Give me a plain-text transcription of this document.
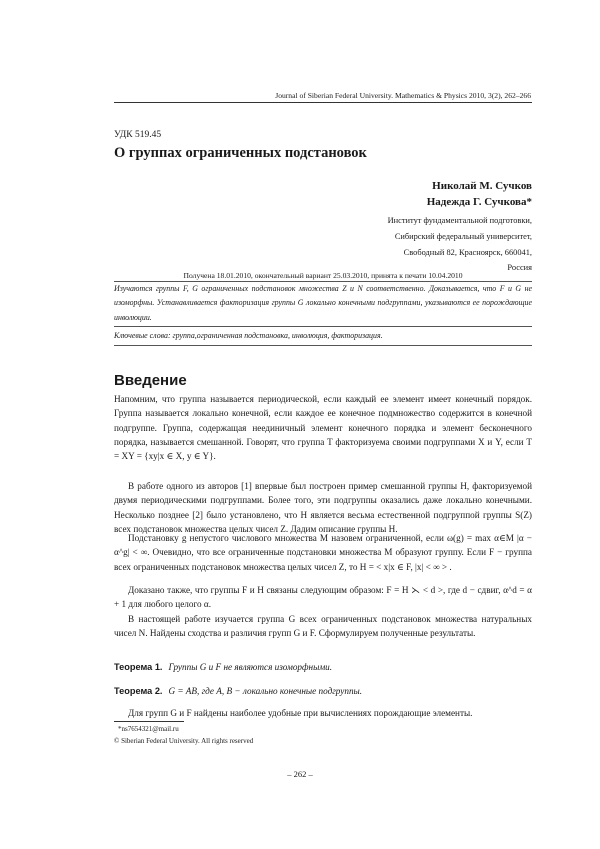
Journal of Siberian Federal University. Mathematics & Physics 2010, 3(2), 262–266
УДК 519.45
О группах ограниченных подстановок
Николай М. Сучков
Надежда Г. Сучкова*
Институт фундаментальной подготовки,
Сибирский федеральный университет,
Свободный 82, Красноярск, 660041,
Россия
Получена 18.01.2010, окончательный вариант 25.03.2010, принята к печати 10.04.2010
Изучаются группы F, G ограниченных подстановок множества Z и N соответственно. Доказывается, что F и G не изоморфны. Устанавливается факторизация группы G локально конечными подгруппами, указываются ее порождающие инволюции.
Ключевые слова: группа,ограниченная подстановка, инволюция, факторизация.
Введение
Напомним, что группа называется периодической, если каждый ее элемент имеет конечный порядок. Группа называется локально конечной, если каждое ее конечное подмножество содержится в конечной подгруппе. Группа, содержащая неединичный элемент конечного порядка и элемент бесконечного порядка, называется смешанной. Говорят, что группа T факторизуема своими подгруппами X и Y, если T = XY = {xy|x ∈ X, y ∈ Y}.
В работе одного из авторов [1] впервые был построен пример смешанной группы H, факторизуемой двумя периодическими подгруппами. Более того, эти подгруппы оказались даже локально конечными. Несколько позднее [2] было установлено, что H является весьма естественной подгруппой группы S(Z) всех подстановок множества целых чисел Z. Дадим описание группы H.
Подстановку g непустого числового множества M назовем ограниченной, если ω(g) = max α∈M |α − α^g| < ∞. Очевидно, что все ограниченные подстановки множества M образуют группу. Если F − группа всех ограниченных подстановок множества целых чисел Z, то H = < x|x ∈ F, |x| < ∞ > .
Доказано также, что группы F и H связаны следующим образом: F = H ⋋ < d >, где d − сдвиг, α^d = α + 1 для любого целого α.
В настоящей работе изучается группа G всех ограниченных подстановок множества натуральных чисел N. Найдены сходства и различия групп G и F. Сформулируем полученные результаты.
Теорема 1. Группы G и F не являются изоморфными.
Теорема 2. G = AB, где A, B − локально конечные подгруппы.
Для групп G и F найдены наиболее удобные при вычислениях порождающие элементы.
*ns7654321@mail.ru
© Siberian Federal University. All rights reserved
– 262 –
